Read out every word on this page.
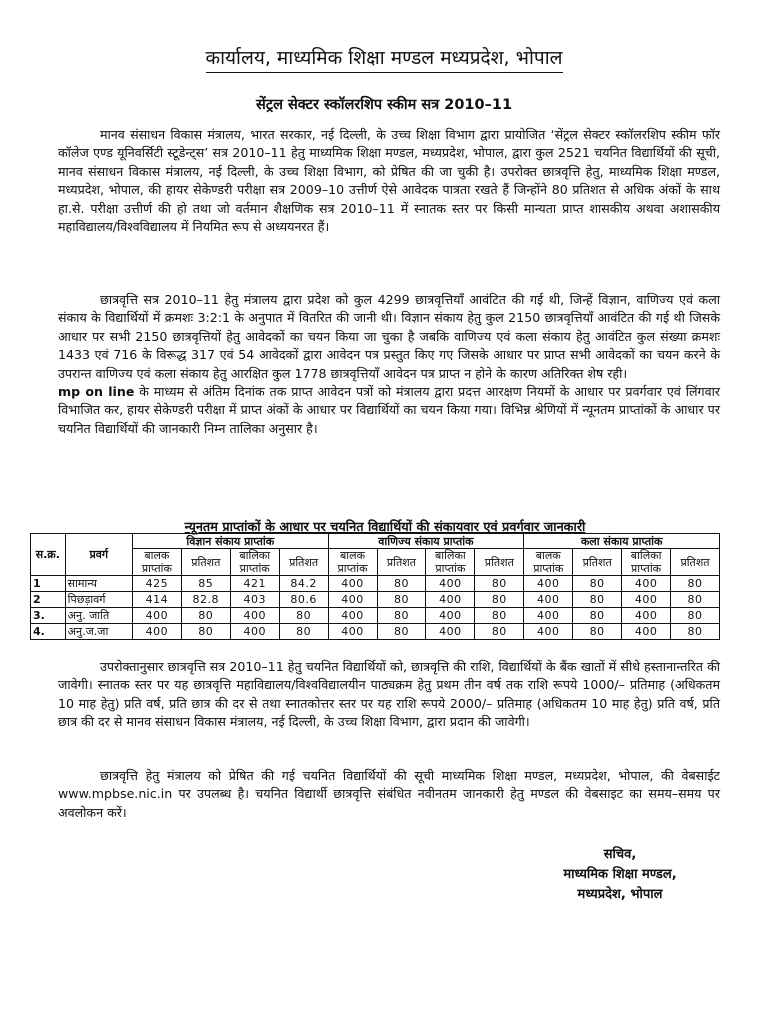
कार्यालय, माध्यमिक शिक्षा मण्डल मध्यप्रदेश, भोपाल
सेंट्रल सेक्टर स्कॉलरशिप स्कीम सत्र 2010–11

मानव संसाधन विकास मंत्रालय, भारत सरकार, नई दिल्ली, के उच्च शिक्षा विभाग द्वारा प्रायोजित ‘सेंट्रल सेक्टर स्कॉलरशिप स्कीम फॉर कॉलेज एण्ड यूनिवर्सिटी स्टूडेन्ट्स’ सत्र 2010–11 हेतु माध्यमिक शिक्षा मण्डल, मध्यप्रदेश, भोपाल, द्वारा कुल 2521 चयनित विद्यार्थियों की सूची, मानव संसाधन विकास मंत्रालय, नई दिल्ली, के उच्च शिक्षा विभाग, को प्रेषित की जा चुकी है। उपरोक्त छात्रवृत्ति हेतु, माध्यमिक शिक्षा मण्डल, मध्यप्रदेश, भोपाल, की हायर सेकेण्डरी परीक्षा सत्र 2009–10 उत्तीर्ण ऐसे आवेदक पात्रता रखते हैं जिन्होंने 80 प्रतिशत से अधिक अंकों के साथ हा.से. परीक्षा उत्तीर्ण की हो तथा जो वर्तमान शैक्षणिक सत्र 2010–11 में स्नातक स्तर पर किसी मान्यता प्राप्त शासकीय अथवा अशासकीय महाविद्यालय/विश्वविद्यालय में नियमित रूप से अध्ययनरत हैं।

छात्रवृत्ति सत्र 2010–11 हेतु मंत्रालय द्वारा प्रदेश को कुल 4299 छात्रवृत्तियाँ आवंटित की गई थी, जिन्हें विज्ञान, वाणिज्य एवं कला संकाय के विद्यार्थियों में क्रमशः 3:2:1 के अनुपात में वितरित की जानी थी। विज्ञान संकाय हेतु कुल 2150 छात्रवृत्तियाँ आवंटित की गई थी जिसके आधार पर सभी 2150 छात्रवृत्तियों हेतु आवेदकों का चयन किया जा चुका है जबकि वाणिज्य एवं कला संकाय हेतु आवंटित कुल संख्या क्रमशः 1433 एवं 716 के विरूद्ध 317 एवं 54 आवेदकों द्वारा आवेदन पत्र प्रस्तुत किए गए जिसके आधार पर प्राप्त सभी आवेदकों का चयन करने के उपरान्त वाणिज्य एवं कला संकाय हेतु आरक्षित कुल 1778 छात्रवृत्तियाँ आवेदन पत्र प्राप्त न होने के कारण अतिरिक्त शेष रही।

mp on line के माध्यम से अंतिम दिनांक तक प्राप्त आवेदन पत्रों को मंत्रालय द्वारा प्रदत्त आरक्षण नियमों के आधार पर प्रवर्गवार एवं लिंगवार विभाजित कर, हायर सेकेण्डरी परीक्षा में प्राप्त अंकों के आधार पर विद्यार्थियों का चयन किया गया। विभिन्न श्रेणियों में न्यूनतम प्राप्तांकों के आधार पर चयनित विद्यार्थियों की जानकारी निम्न तालिका अनुसार है।

न्यूनतम प्राप्तांकों के आधार पर चयनित विद्यार्थियों की संकायवार एवं प्रवर्गवार जानकारी
स.क्र.	प्रवर्ग	विज्ञान संकाय प्राप्तांक				वाणिज्य संकाय प्राप्तांक				कला संकाय प्राप्तांक			
		बालक प्राप्तांक	प्रतिशत	बालिका प्राप्तांक	प्रतिशत	बालक प्राप्तांक	प्रतिशत	बालिका प्राप्तांक	प्रतिशत	बालक प्राप्तांक	प्रतिशत	बालिका प्राप्तांक	प्रतिशत
1	सामान्य	425	85	421	84.2	400	80	400	80	400	80	400	80
2	पिछड़ावर्ग	414	82.8	403	80.6	400	80	400	80	400	80	400	80
3.	अनु. जाति	400	80	400	80	400	80	400	80	400	80	400	80
4.	अनु.ज.जा	400	80	400	80	400	80	400	80	400	80	400	80

उपरोक्तानुसार छात्रवृत्ति सत्र 2010–11 हेतु चयनित विद्यार्थियों को, छात्रवृत्ति की राशि, विद्यार्थियों के बैंक खातों में सीधे हस्तानान्तरित की जावेगी। स्नातक स्तर पर यह छात्रवृत्ति महाविद्यालय/विश्वविद्यालयीन पाठ्यक्रम हेतु प्रथम तीन वर्ष तक राशि रूपये 1000/– प्रतिमाह (अधिकतम 10 माह हेतु) प्रति वर्ष, प्रति छात्र की दर से तथा स्नातकोत्तर स्तर पर यह राशि रूपये 2000/– प्रतिमाह (अधिकतम 10 माह हेतु) प्रति वर्ष, प्रति छात्र की दर से मानव संसाधन विकास मंत्रालय, नई दिल्ली, के उच्च शिक्षा विभाग, द्वारा प्रदान की जावेगी।

छात्रवृत्ति हेतु मंत्रालय को प्रेषित की गई चयनित विद्यार्थियों की सूची माध्यमिक शिक्षा मण्डल, मध्यप्रदेश, भोपाल, की वेबसाईट www.mpbse.nic.in पर उपलब्ध है। चयनित विद्यार्थी छात्रवृत्ति संबंधित नवीनतम जानकारी हेतु मण्डल की वेबसाइट का समय–समय पर अवलोकन करें।

सचिव,
माध्यमिक शिक्षा मण्डल,
मध्यप्रदेश, भोपाल
